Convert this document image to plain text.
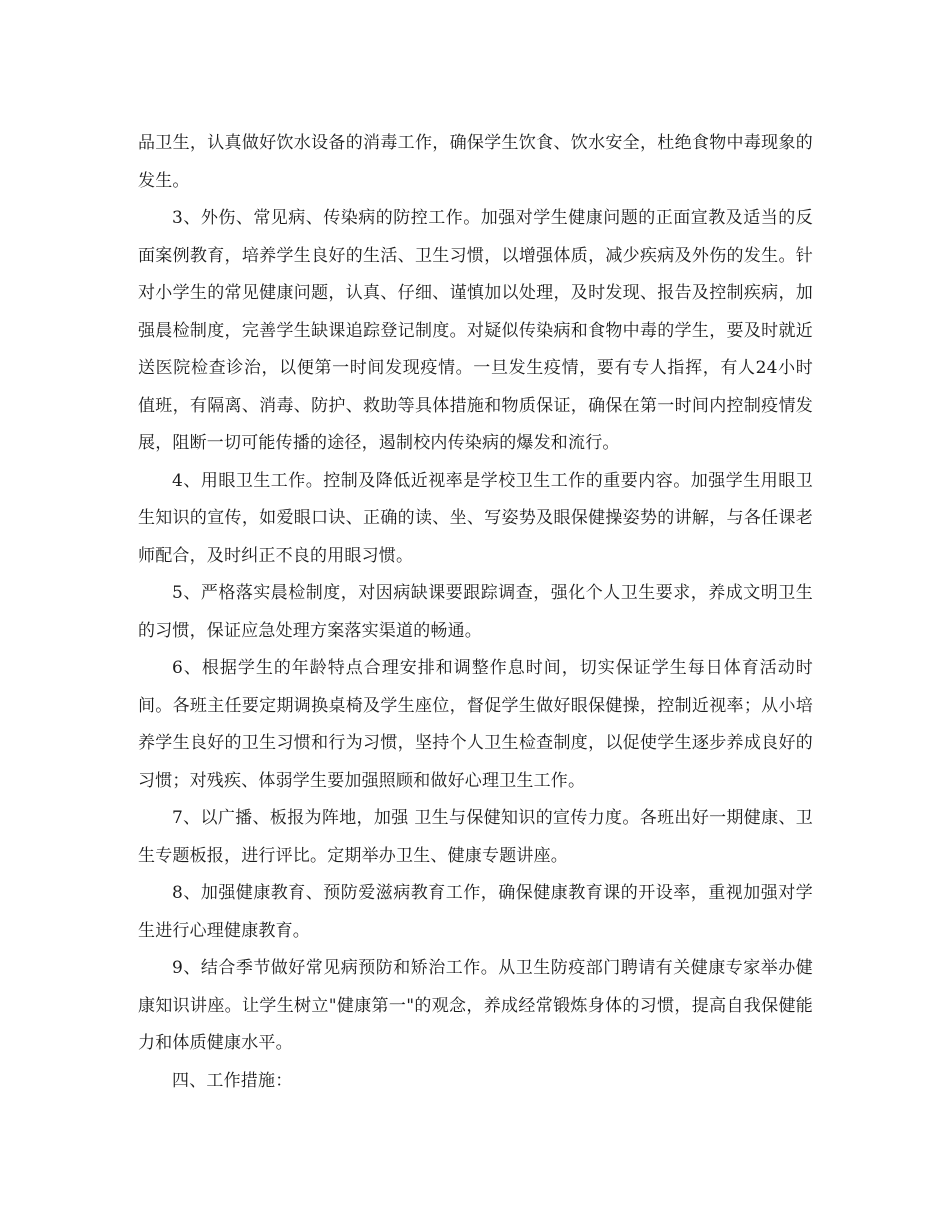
品卫生，认真做好饮水设备的消毒工作，确保学生饮食、饮水安全，杜绝食物中毒现象的发生。

3、外伤、常见病、传染病的防控工作。加强对学生健康问题的正面宣教及适当的反面案例教育，培养学生良好的生活、卫生习惯，以增强体质，减少疾病及外伤的发生。针对小学生的常见健康问题，认真、仔细、谨慎加以处理，及时发现、报告及控制疾病，加强晨检制度，完善学生缺课追踪登记制度。对疑似传染病和食物中毒的学生，要及时就近送医院检查诊治，以便第一时间发现疫情。一旦发生疫情，要有专人指挥，有人24小时值班，有隔离、消毒、防护、救助等具体措施和物质保证，确保在第一时间内控制疫情发展，阻断一切可能传播的途径，遏制校内传染病的爆发和流行。

4、用眼卫生工作。控制及降低近视率是学校卫生工作的重要内容。加强学生用眼卫生知识的宣传，如爱眼口诀、正确的读、坐、写姿势及眼保健操姿势的讲解，与各任课老师配合，及时纠正不良的用眼习惯。

5、严格落实晨检制度，对因病缺课要跟踪调查，强化个人卫生要求，养成文明卫生的习惯，保证应急处理方案落实渠道的畅通。

6、根据学生的年龄特点合理安排和调整作息时间，切实保证学生每日体育活动时间。各班主任要定期调换桌椅及学生座位，督促学生做好眼保健操，控制近视率；从小培养学生良好的卫生习惯和行为习惯，坚持个人卫生检查制度，以促使学生逐步养成良好的习惯；对残疾、体弱学生要加强照顾和做好心理卫生工作。

7、以广播、板报为阵地，加强 卫生与保健知识的宣传力度。各班出好一期健康、卫生专题板报，进行评比。定期举办卫生、健康专题讲座。

8、加强健康教育、预防爱滋病教育工作，确保健康教育课的开设率，重视加强对学生进行心理健康教育。

9、结合季节做好常见病预防和矫治工作。从卫生防疫部门聘请有关健康专家举办健康知识讲座。让学生树立"健康第一"的观念，养成经常锻炼身体的习惯，提高自我保健能力和体质健康水平。

四、工作措施：
